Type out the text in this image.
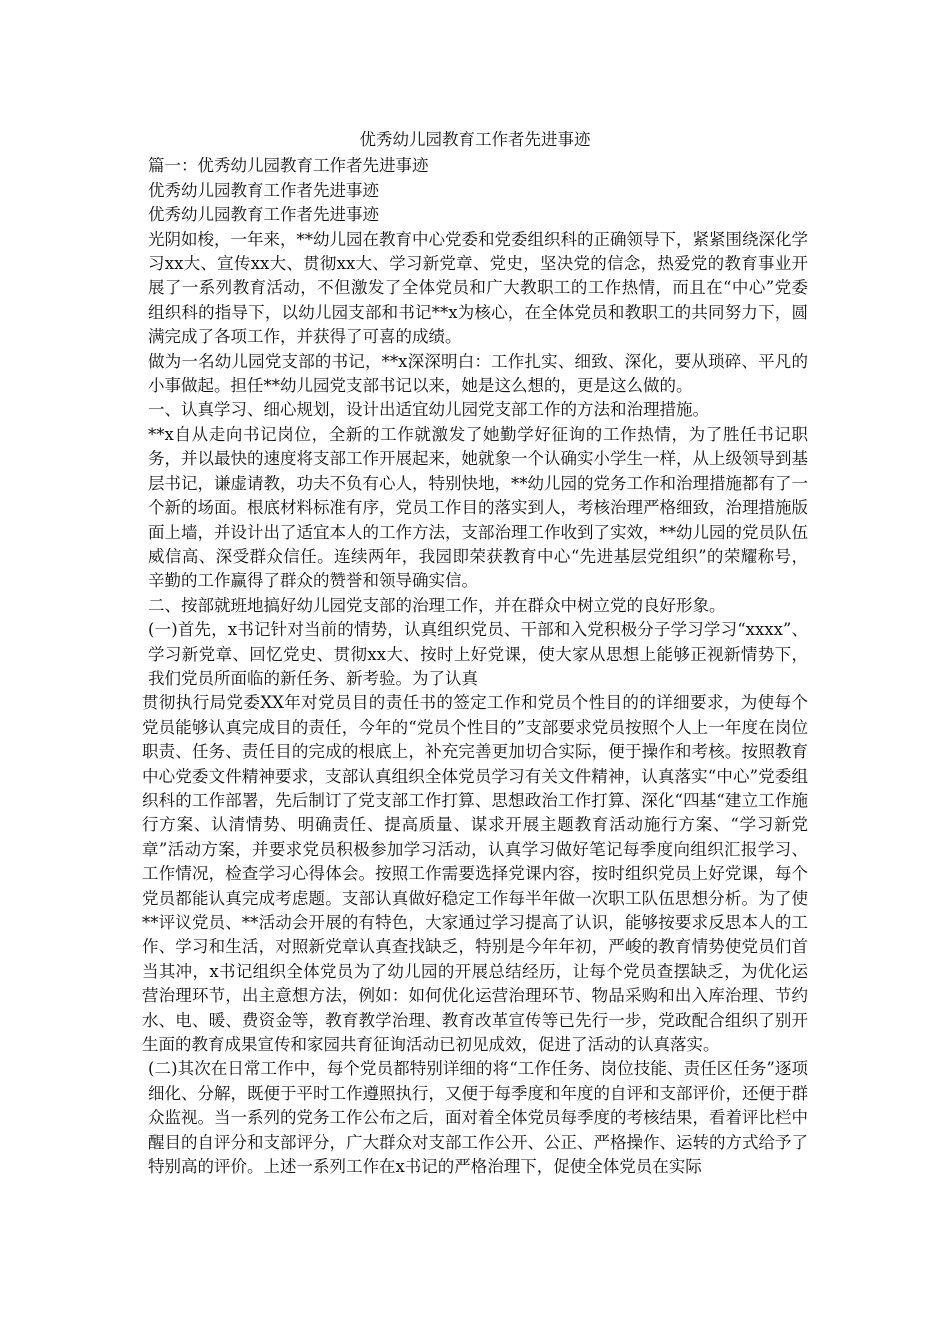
优秀幼儿园教育工作者先进事迹

篇一：优秀幼儿园教育工作者先进事迹

优秀幼儿园教育工作者先进事迹

优秀幼儿园教育工作者先进事迹

光阴如梭，一年来，**幼儿园在教育中心党委和党委组织科的正确领导下，紧紧围绕深化学习xx大、宣传xx大、贯彻xx大、学习新党章、党史，坚决党的信念，热爱党的教育事业开展了一系列教育活动，不但激发了全体党员和广大教职工的工作热情，而且在“中心”党委组织科的指导下，以幼儿园支部和书记**x为核心，在全体党员和教职工的共同努力下，圆满完成了各项工作，并获得了可喜的成绩。

做为一名幼儿园党支部的书记，**x深深明白：工作扎实、细致、深化，要从琐碎、平凡的小事做起。担任**幼儿园党支部书记以来，她是这么想的，更是这么做的。

一、认真学习、细心规划，设计出适宜幼儿园党支部工作的方法和治理措施。

**x自从走向书记岗位，全新的工作就激发了她勤学好征询的工作热情，为了胜任书记职务，并以最快的速度将支部工作开展起来，她就象一个认确实小学生一样，从上级领导到基层书记，谦虚请教，功夫不负有心人，特别快地，**幼儿园的党务工作和治理措施都有了一个新的场面。根底材料标准有序，党员工作目的落实到人，考核治理严格细致，治理措施版面上墙，并设计出了适宜本人的工作方法，支部治理工作收到了实效，**幼儿园的党员队伍威信高、深受群众信任。连续两年，我园即荣获教育中心“先进基层党组织”的荣耀称号，辛勤的工作赢得了群众的赞誉和领导确实信。

二、按部就班地搞好幼儿园党支部的治理工作，并在群众中树立党的良好形象。

(一)首先，x书记针对当前的情势，认真组织党员、干部和入党积极分子学习学习“xxxx”、学习新党章、回忆党史、贯彻xx大、按时上好党课，使大家从思想上能够正视新情势下，我们党员所面临的新任务、新考验。为了认真

贯彻执行局党委XX年对党员目的责任书的签定工作和党员个性目的的详细要求，为使每个党员能够认真完成目的责任，今年的“党员个性目的”支部要求党员按照个人上一年度在岗位职责、任务、责任目的完成的根底上，补充完善更加切合实际，便于操作和考核。按照教育中心党委文件精神要求，支部认真组织全体党员学习有关文件精神，认真落实“中心”党委组织科的工作部署，先后制订了党支部工作打算、思想政治工作打算、深化“四基“建立工作施行方案、认清情势、明确责任、提高质量、谋求开展主题教育活动施行方案、“学习新党章”活动方案，并要求党员积极参加学习活动，认真学习做好笔记每季度向组织汇报学习、工作情况，检查学习心得体会。按照工作需要选择党课内容，按时组织党员上好党课，每个党员都能认真完成考虑题。支部认真做好稳定工作每半年做一次职工队伍思想分析。为了使**评议党员、**活动会开展的有特色，大家通过学习提高了认识，能够按要求反思本人的工作、学习和生活，对照新党章认真查找缺乏，特别是今年年初，严峻的教育情势使党员们首当其冲，x书记组织全体党员为了幼儿园的开展总结经历，让每个党员查摆缺乏，为优化运营治理环节，出主意想方法，例如：如何优化运营治理环节、物品采购和出入库治理、节约水、电、暖、费资金等，教育教学治理、教育改革宣传等已先行一步，党政配合组织了别开生面的教育成果宣传和家园共育征询活动已初见成效，促进了活动的认真落实。

(二)其次在日常工作中，每个党员都特别详细的将“工作任务、岗位技能、责任区任务”逐项细化、分解，既便于平时工作遵照执行，又便于每季度和年度的自评和支部评价，还便于群众监视。当一系列的党务工作公布之后，面对着全体党员每季度的考核结果，看着评比栏中醒目的自评分和支部评分，广大群众对支部工作公开、公正、严格操作、运转的方式给予了特别高的评价。上述一系列工作在x书记的严格治理下，促使全体党员在实际
